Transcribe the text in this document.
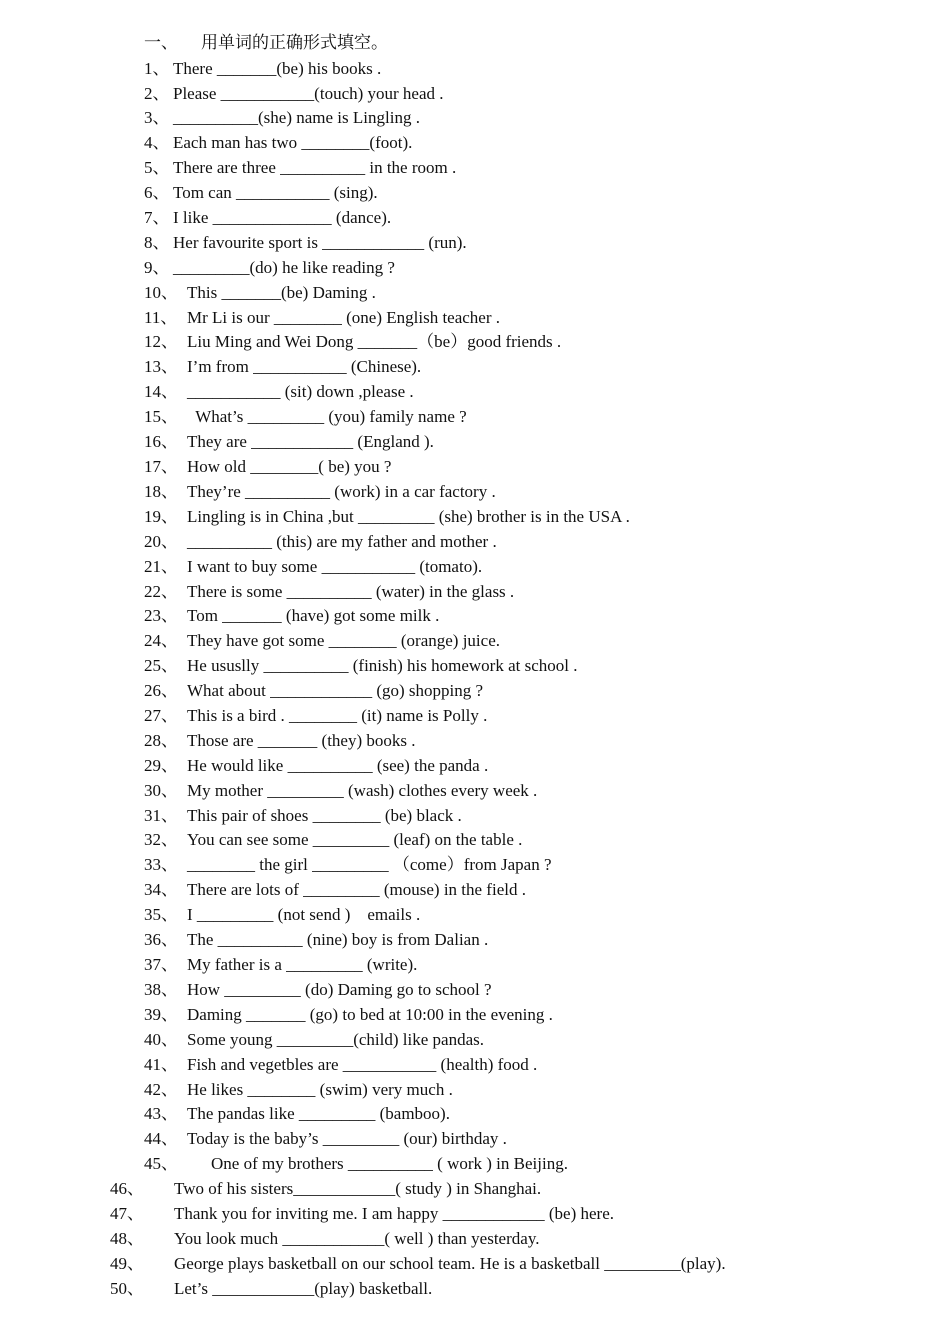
一、

用单词的正确形式填空。

1、 There _______(be) his books .
2、 Please ___________(touch) your head .
3、 __________(she) name is Lingling .
4、 Each man has two ________(foot).
5、 There are three __________ in the room .
6、 Tom can ___________ (sing).
7、 I like ______________ (dance).
8、 Her favourite sport is ____________ (run).
9、 _________(do) he like reading ?
10、 This _______(be) Daming .
11、 Mr Li is our ________ (one) English teacher .
12、 Liu Ming and Wei Dong _______（be）good friends .
13、 I’m from ___________ (Chinese).
14、 ___________ (sit) down ,please .
15、 What’s _________ (you) family name ?
16、 They are ____________ (England ).
17、 How old ________( be) you ?
18、 They’re __________ (work) in a car factory .
19、 Lingling is in China ,but _________ (she) brother is in the USA .
20、 __________ (this) are my father and mother .
21、 I want to buy some ___________ (tomato).
22、 There is some __________ (water) in the glass .
23、 Tom _______ (have) got some milk .
24、 They have got some ________ (orange) juice.
25、 He ususlly __________ (finish) his homework at school .
26、 What about ____________ (go) shopping ?
27、 This is a bird . ________ (it) name is Polly .
28、 Those are _______ (they) books .
29、 He would like __________ (see) the panda .
30、 My mother _________ (wash) clothes every week .
31、 This pair of shoes ________ (be) black .
32、 You can see some _________ (leaf) on the table .
33、 ________ the girl _________ （come）from Japan ?
34、 There are lots of _________ (mouse) in the field .
35、 I _________ (not send )    emails .
36、 The __________ (nine) boy is from Dalian .
37、 My father is a _________ (write).
38、 How _________ (do) Daming go to school ?
39、 Daming _______ (go) to bed at 10:00 in the evening .
40、 Some young _________(child) like pandas.
41、 Fish and vegetbles are ___________ (health) food .
42、 He likes ________ (swim) very much .
43、 The pandas like _________ (bamboo).
44、 Today is the baby’s _________ (our) birthday .
45、 One of my brothers __________ ( work ) in Beijing.
46、 Two of his sisters____________( study ) in Shanghai.
47、 Thank you for inviting me. I am happy ____________ (be) here.
48、 You look much ____________( well ) than yesterday.
49、 George plays basketball on our school team. He is a basketball _________(play).
50、 Let’s ____________(play) basketball.
